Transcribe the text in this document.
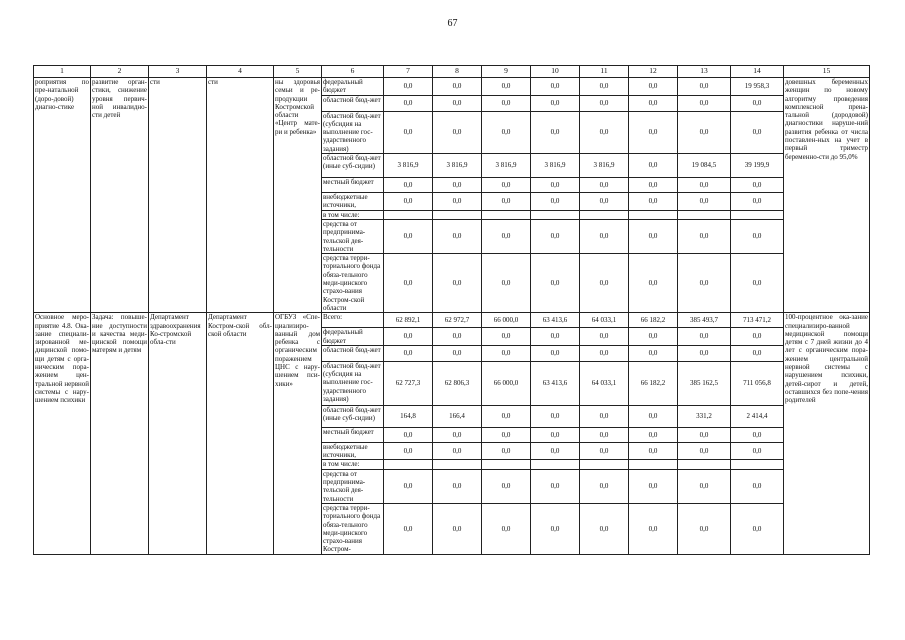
67
1	2	3	4	5	6	7	8	9	10	11	12	13	14	15
роприятия по пре-натальной (доро-довой) диагно-стике	развитие орган-стики, снижение уровня первич-ной инвалидно-сти детей	сти	сти	ны здоровья семьи и ре-продукции Костромской области «Центр мате-ри и ребенка»	федеральный бюджет	0,0	0,0	0,0	0,0	0,0	0,0	0,0	19 958,3	довешных беременных женщин по новому алгоритму проведения комплексной прена-тальной (дородовой) диагностики наруше-ний развития ребенка от числа поставлен-ных на учет в первый триместр беременно-сти до 95,0%
					областной бюд-жет	0,0	0,0	0,0	0,0	0,0	0,0	0,0	0,0	
					областной бюд-жет (субсидия на выполнение гос-ударственного задания)	0,0	0,0	0,0	0,0	0,0	0,0	0,0	0,0	
					областной бюд-жет (иные суб-сидии)	3 816,9	3 816,9	3 816,9	3 816,9	3 816,9	0,0	19 084,5	39 199,9	
					местный бюджет	0,0	0,0	0,0	0,0	0,0	0,0	0,0	0,0	
					внебюджетные источники,	0,0	0,0	0,0	0,0	0,0	0,0	0,0	0,0	
					в том числе:									
					средства от предпринима-тельской дея-тельности	0,0	0,0	0,0	0,0	0,0	0,0	0,0	0,0	
					средства терри-ториального фонда обяза-тельного меди-цинского страхо-вания Костром-ской области	0,0	0,0	0,0	0,0	0,0	0,0	0,0	0,0	
Основное меро-приятие 4.8. Ока-зание специали-зированной ме-дицинской помо-щи детям с орга-ническим пора-жением цен-тральной нервной системы с нару-шением психики	Задача: повыше-ние доступности и качества меди-цинской помощи матерям и детям	Департамент здравоохранения Ко-стромской обла-сти	Департамент Костром-ской обл-ской области	ОГБУЗ «Спе-циализиро-ванный дом ребенка с органическим поражением ЦНС с нару-шением пси-хики»	Всего:	62 892,1	62 972,7	66 000,0	63 413,6	64 033,1	66 182,2	385 493,7	713 471,2	100-процентное ока-зание специализиро-ванной медицинской помощи детям с 7 дней жизни до 4 лет с органическим пора-жением центральной нервной системы с нарушением психики, детей-сирот и детей, оставшихся без попе-чения родителей
					федеральный бюджет	0,0	0,0	0,0	0,0	0,0	0,0	0,0	0,0	
					областной бюд-жет	0,0	0,0	0,0	0,0	0,0	0,0	0,0	0,0	
					областной бюд-жет (субсидия на выполнение гос-ударственного задания)	62 727,3	62 806,3	66 000,0	63 413,6	64 033,1	66 182,2	385 162,5	711 056,8	
					областной бюд-жет (иные суб-сидии)	164,8	166,4	0,0	0,0	0,0	0,0	331,2	2 414,4	
					местный бюджет	0,0	0,0	0,0	0,0	0,0	0,0	0,0	0,0	
					внебюджетные источники,	0,0	0,0	0,0	0,0	0,0	0,0	0,0	0,0	
					в том числе:									
					средства от предпринима-тельской дея-тельности	0,0	0,0	0,0	0,0	0,0	0,0	0,0	0,0	
					средства терри-ториального фонда обяза-тельного меди-цинского страхо-вания Костром-	0,0	0,0	0,0	0,0	0,0	0,0	0,0	0,0	
